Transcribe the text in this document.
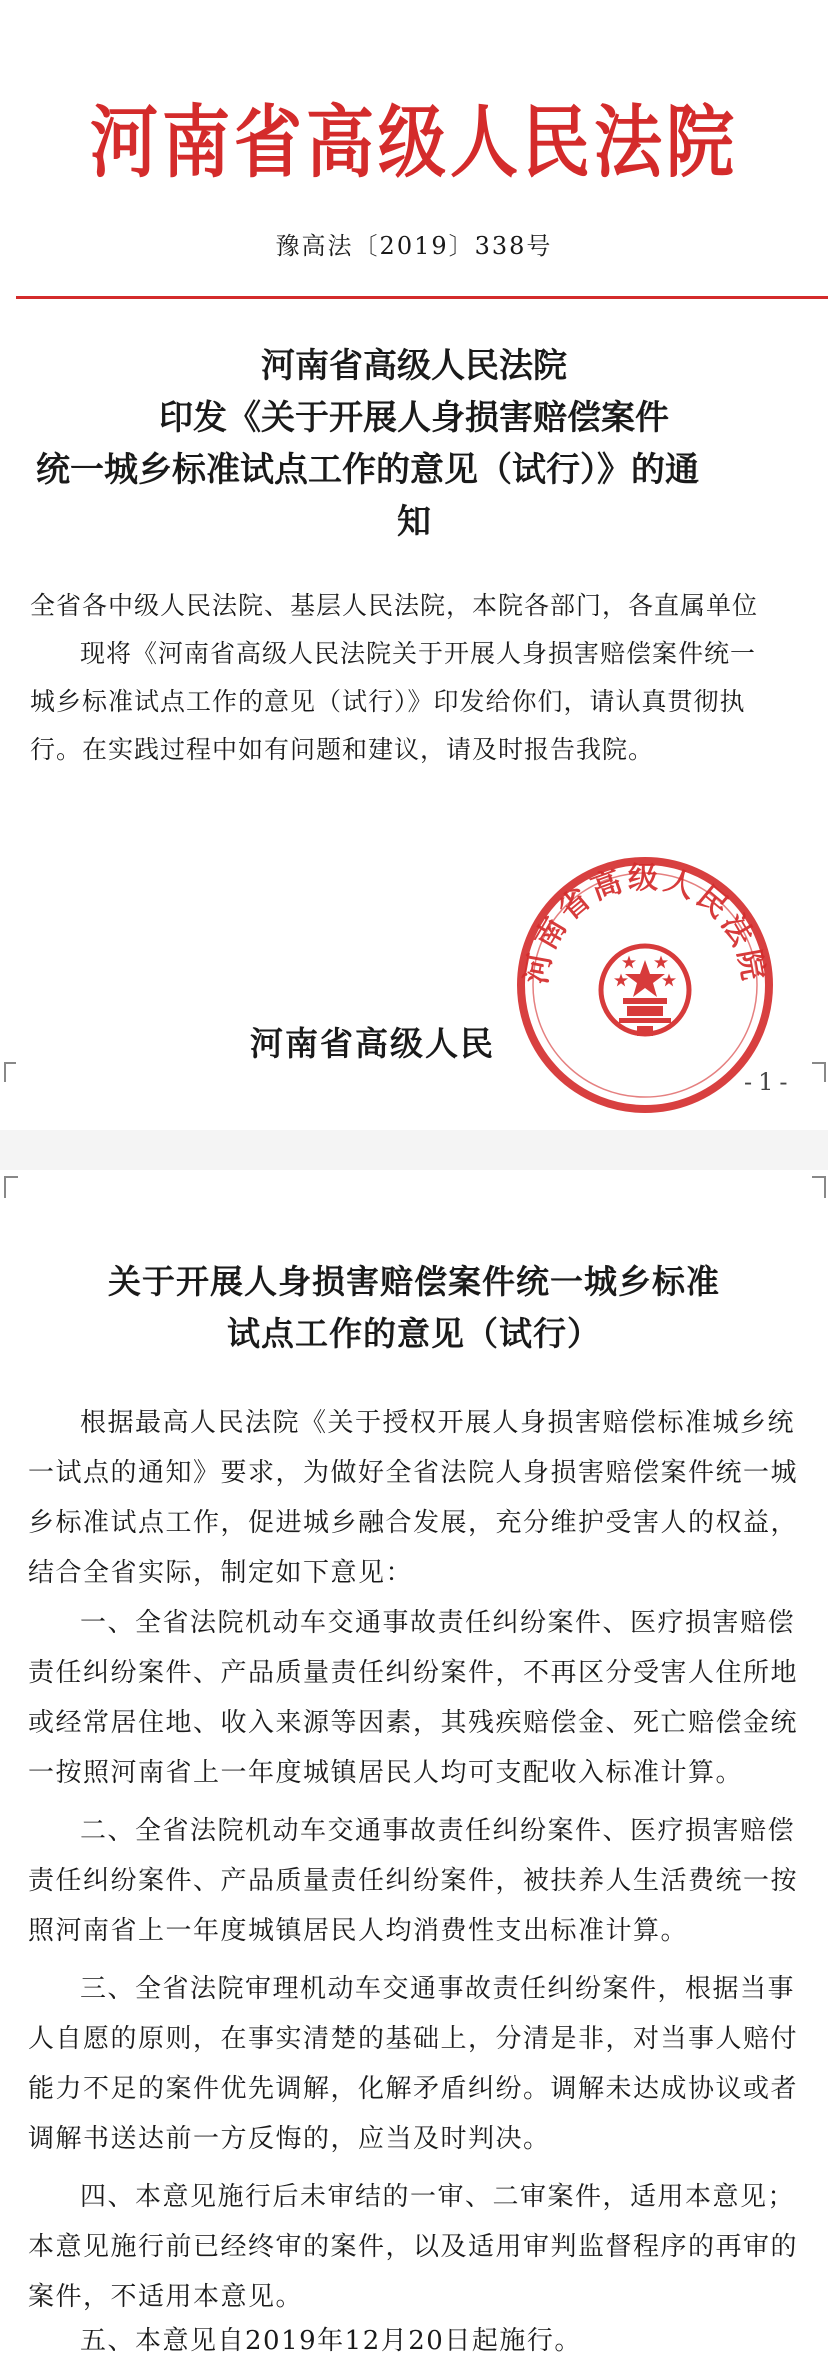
河南省高级人民法院
豫高法〔2019〕338号
河南省高级人民法院
印发《关于开展人身损害赔偿案件
统一城乡标准试点工作的意见（试行）》的通
知
全省各中级人民法院、基层人民法院，本院各部门，各直属单位
现将《河南省高级人民法院关于开展人身损害赔偿案件统一
城乡标准试点工作的意见（试行）》印发给你们，请认真贯彻执
行。在实践过程中如有问题和建议，请及时报告我院。
河南省高级人民
河南省高级人民法院
-1-
关于开展人身损害赔偿案件统一城乡标准
试点工作的意见（试行）
根据最高人民法院《关于授权开展人身损害赔偿标准城乡统
一试点的通知》要求，为做好全省法院人身损害赔偿案件统一城
乡标准试点工作，促进城乡融合发展，充分维护受害人的权益，
结合全省实际，制定如下意见：
一、全省法院机动车交通事故责任纠纷案件、医疗损害赔偿
责任纠纷案件、产品质量责任纠纷案件，不再区分受害人住所地
或经常居住地、收入来源等因素，其残疾赔偿金、死亡赔偿金统
一按照河南省上一年度城镇居民人均可支配收入标准计算。
二、全省法院机动车交通事故责任纠纷案件、医疗损害赔偿
责任纠纷案件、产品质量责任纠纷案件，被扶养人生活费统一按
照河南省上一年度城镇居民人均消费性支出标准计算。
三、全省法院审理机动车交通事故责任纠纷案件，根据当事
人自愿的原则，在事实清楚的基础上，分清是非，对当事人赔付
能力不足的案件优先调解，化解矛盾纠纷。调解未达成协议或者
调解书送达前一方反悔的，应当及时判决。
四、本意见施行后未审结的一审、二审案件，适用本意见；
本意见施行前已经终审的案件，以及适用审判监督程序的再审的
案件，不适用本意见。
五、本意见自2019年12月20日起施行。
